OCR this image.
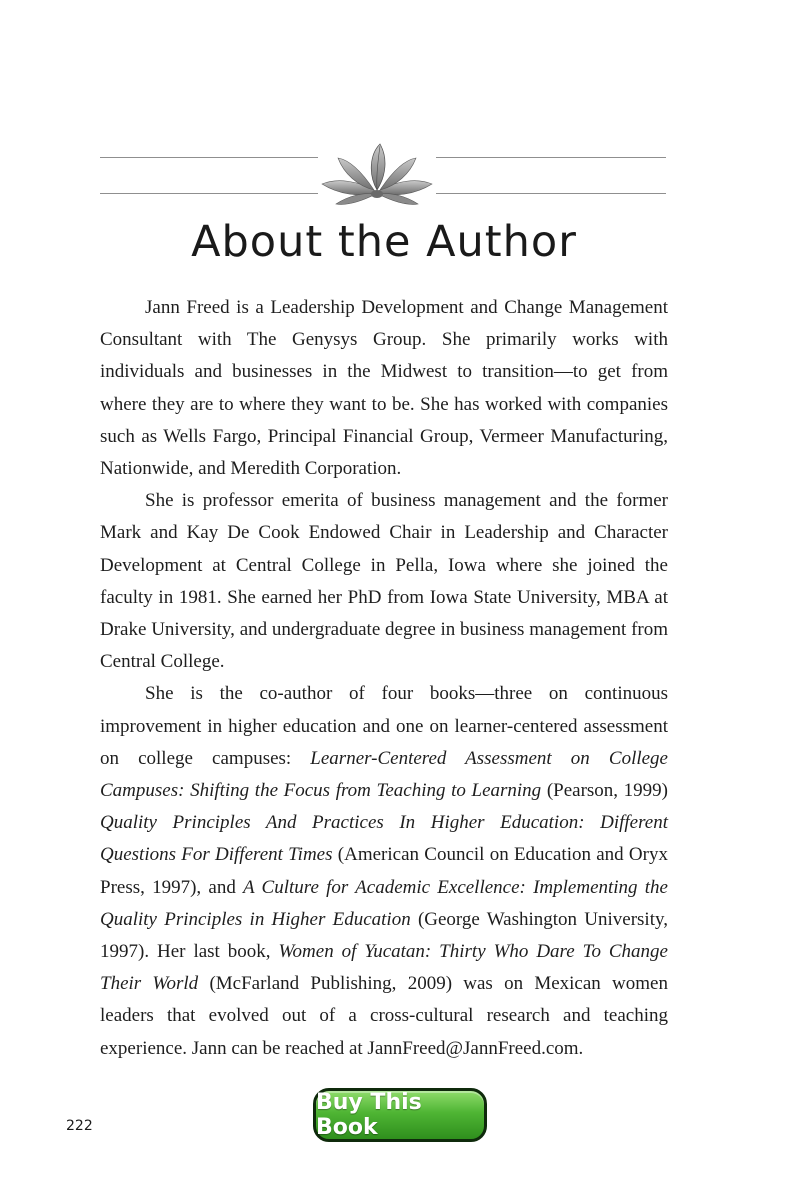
About the Author

Jann Freed is a Leadership Development and Change Management Consultant with The Genysys Group. She primarily works with individuals and businesses in the Midwest to transition—to get from where they are to where they want to be. She has worked with companies such as Wells Fargo, Principal Financial Group, Vermeer Manufacturing, Nationwide, and Meredith Corporation.

She is professor emerita of business management and the former Mark and Kay De Cook Endowed Chair in Leadership and Character Development at Central College in Pella, Iowa where she joined the faculty in 1981. She earned her PhD from Iowa State University, MBA at Drake University, and undergraduate degree in business management from Central College.

She is the co-author of four books—three on continuous improvement in higher education and one on learner-centered assessment on college campuses: Learner-Centered Assessment on College Campuses: Shifting the Focus from Teaching to Learning (Pearson, 1999) Quality Principles And Practices In Higher Education: Different Questions For Different Times (American Council on Education and Oryx Press, 1997), and A Culture for Academic Excellence: Implementing the Quality Principles in Higher Education (George Washington University, 1997). Her last book, Women of Yucatan: Thirty Who Dare To Change Their World (McFarland Publishing, 2009) was on Mexican women leaders that evolved out of a cross-cultural research and teaching experience. Jann can be reached at JannFreed@JannFreed.com.

Buy This Book
222
